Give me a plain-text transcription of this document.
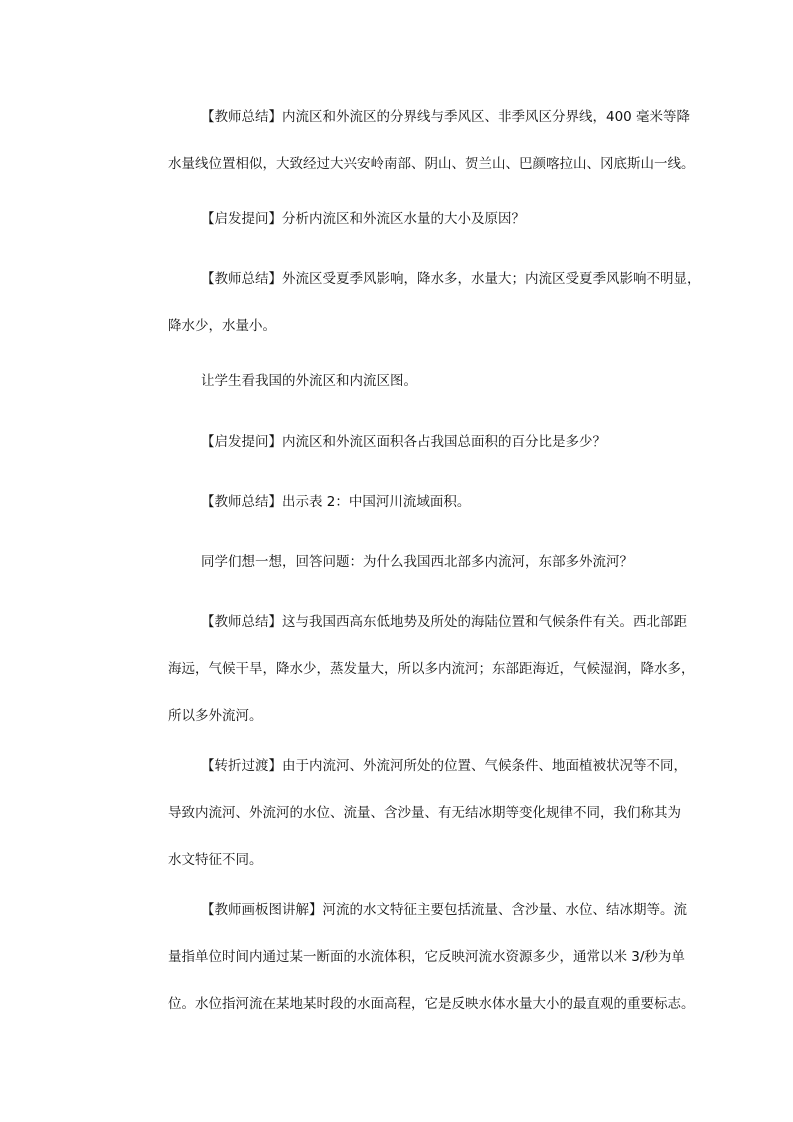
【教师总结】内流区和外流区的分界线与季风区、非季风区分界线，400 毫米等降
水量线位置相似，大致经过大兴安岭南部、阴山、贺兰山、巴颜喀拉山、冈底斯山一线。

【启发提问】分析内流区和外流区水量的大小及原因？

【教师总结】外流区受夏季风影响，降水多，水量大；内流区受夏季风影响不明显，
降水少，水量小。

让学生看我国的外流区和内流区图。

【启发提问】内流区和外流区面积各占我国总面积的百分比是多少？

【教师总结】出示表 2：中国河川流域面积。

同学们想一想，回答问题：为什么我国西北部多内流河，东部多外流河？

【教师总结】这与我国西高东低地势及所处的海陆位置和气候条件有关。西北部距
海远，气候干旱，降水少，蒸发量大，所以多内流河；东部距海近，气候湿润，降水多，
所以多外流河。

【转折过渡】由于内流河、外流河所处的位置、气候条件、地面植被状况等不同，
导致内流河、外流河的水位、流量、含沙量、有无结冰期等变化规律不同，我们称其为
水文特征不同。

【教师画板图讲解】河流的水文特征主要包括流量、含沙量、水位、结冰期等。流
量指单位时间内通过某一断面的水流体积，它反映河流水资源多少，通常以米 3/秒为单
位。水位指河流在某地某时段的水面高程，它是反映水体水量大小的最直观的重要标志。
